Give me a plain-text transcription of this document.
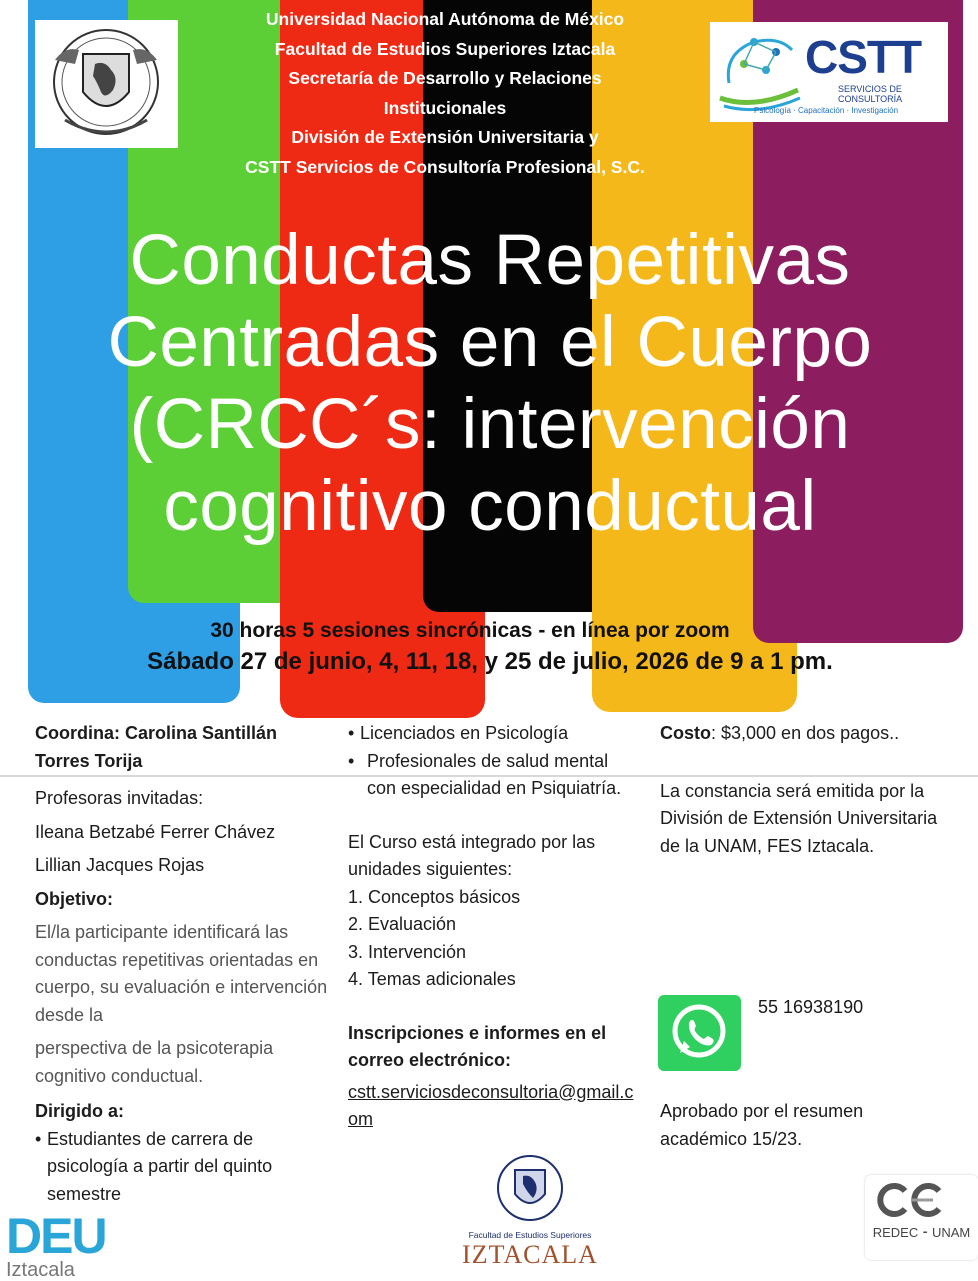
Universidad Nacional Autónoma de México
Facultad de Estudios Superiores Iztacala
Secretaría de Desarrollo y Relaciones
Institucionales
División de Extensión Universitaria y
CSTT Servicios de Consultoría Profesional, S.C.
CSTT
SERVICIOS DE CONSULTORÍA
Psicología · Capacitación · Investigación
Conductas Repetitivas
Centradas en el Cuerpo
(CRCC´s: intervención
cognitivo conductual
30 horas 5 sesiones sincrónicas - en línea por zoom
Sábado 27 de junio, 4, 11, 18, y 25 de julio, 2026 de 9 a 1 pm.
Coordina: Carolina Santillán Torres Torija
Profesoras invitadas:
Ileana Betzabé Ferrer Chávez
Lillian Jacques Rojas
Objetivo:
El/la participante identificará las conductas repetitivas orientadas en cuerpo, su evaluación e intervención desde la
perspectiva de la psicoterapia cognitivo conductual.
Dirigido a:
• Estudiantes de carrera de psicología a partir del quinto semestre
• Licenciados en Psicología
• Profesionales de salud mental con especialidad en Psiquiatría.
El Curso está integrado por las unidades siguientes:
1. Conceptos básicos
2. Evaluación
3. Intervención
4. Temas adicionales
Inscripciones e informes en el correo electrónico:
cstt.serviciosdeconsultoria@gmail.com
Costo: $3,000 en dos pagos..
La constancia será emitida por la División de Extensión Universitaria de la UNAM, FES Iztacala.
55 16938190
Aprobado por el resumen académico 15/23.
DEU
Iztacala
Facultad de Estudios Superiores
IZTACALA
REDEC ⁃ UNAM
